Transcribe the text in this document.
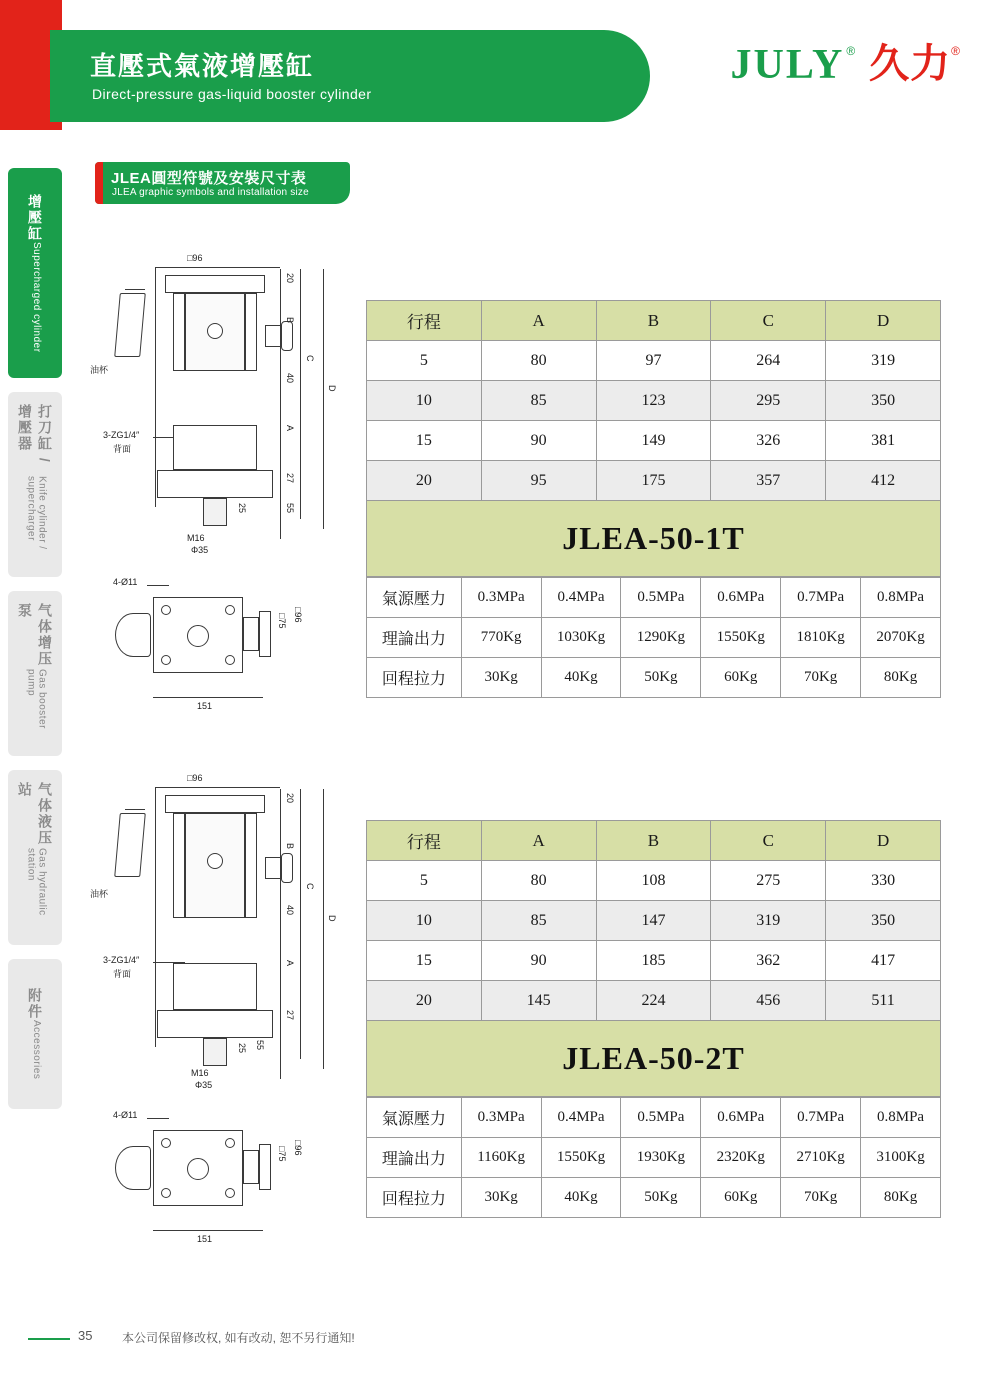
直壓式氣液增壓缸
Direct-pressure gas-liquid booster cylinder
JULY ® 久力 ®
增壓缸
Supercharged cylinder
打刀缸 / 增壓器
Knife cylinder / supercharger
气体增压泵
Gas booster pump
气体液压站
Gas hydraulic station
附件
Accessories
JLEA圓型符號及安裝尺寸表
JLEA graphic symbols and installation size
□96
油杯
3-ZG1/4″
背面
M16
Φ35
20
B
40
C
D
A
27
55
25
4-Ø11
□75 □96
151
□96
油杯
3-ZG1/4″
背面
M16
Φ35
20
B
40
C
D
A
27
55
25
4-Ø11
□75 □96
151
行程	A	B	C	D
5	80	97	264	319
10	85	123	295	350
15	90	149	326	381
20	95	175	357	412
JLEA-50-1T
氣源壓力	0.3MPa	0.4MPa	0.5MPa	0.6MPa	0.7MPa	0.8MPa
理論出力	770Kg	1030Kg	1290Kg	1550Kg	1810Kg	2070Kg
回程拉力	30Kg	40Kg	50Kg	60Kg	70Kg	80Kg
行程	A	B	C	D
5	80	108	275	330
10	85	147	319	350
15	90	185	362	417
20	145	224	456	511
JLEA-50-2T
氣源壓力	0.3MPa	0.4MPa	0.5MPa	0.6MPa	0.7MPa	0.8MPa
理論出力	1160Kg	1550Kg	1930Kg	2320Kg	2710Kg	3100Kg
回程拉力	30Kg	40Kg	50Kg	60Kg	70Kg	80Kg
35 本公司保留修改权, 如有改动, 恕不另行通知!
